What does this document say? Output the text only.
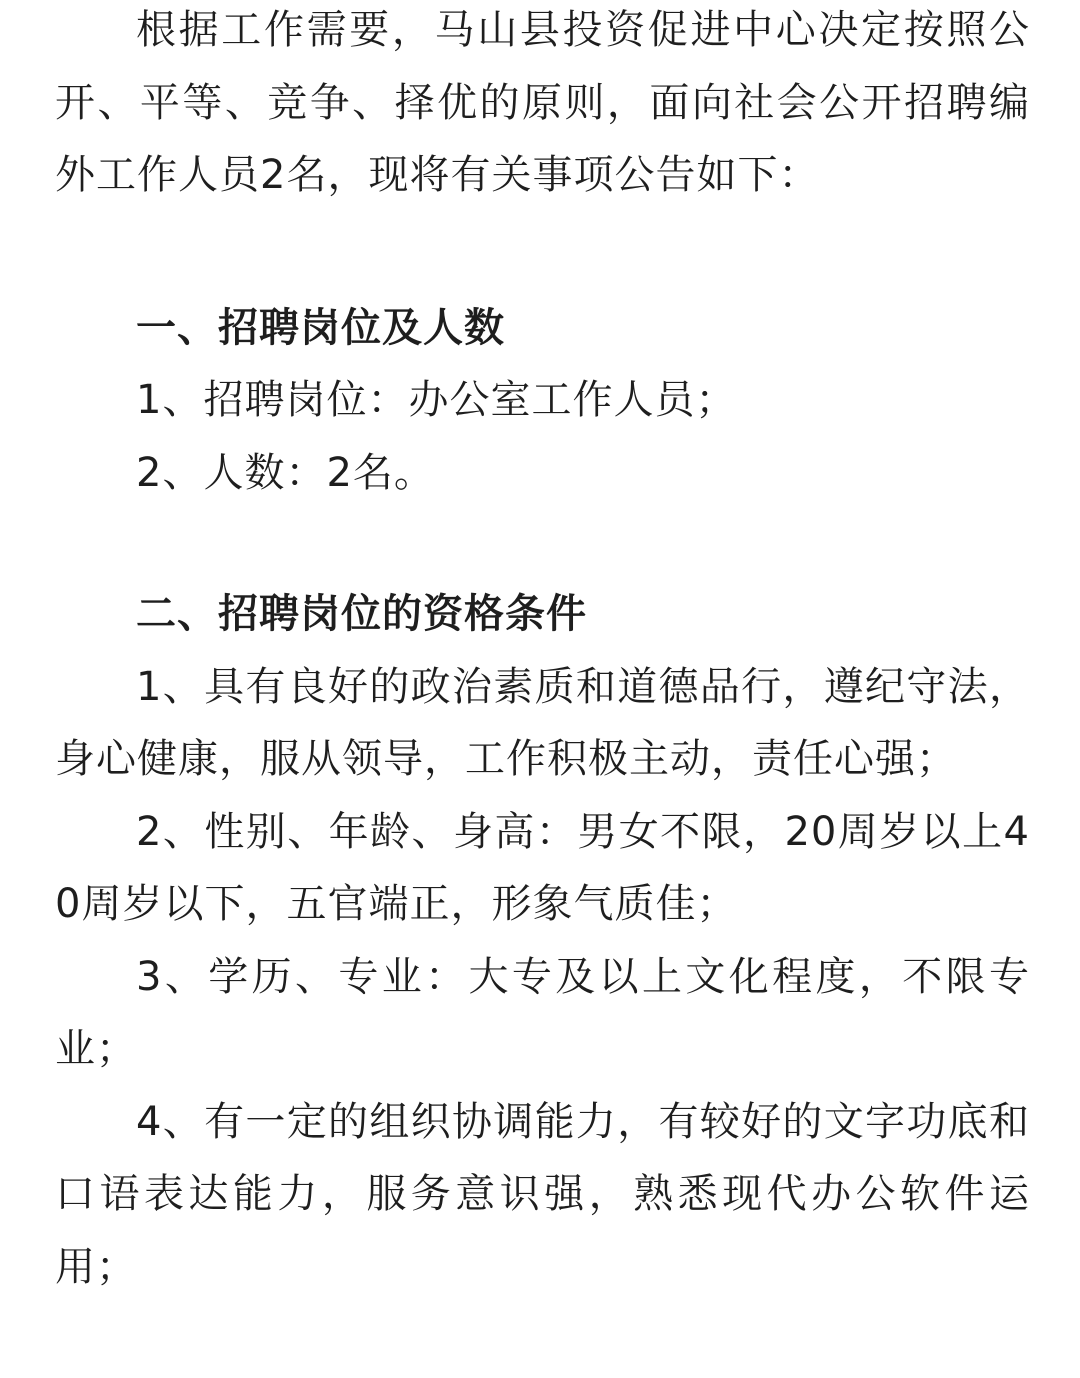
根据工作需要，马山县投资促进中心决定按照公开、平等、竞争、择优的原则，面向社会公开招聘编外工作人员2名，现将有关事项公告如下：

一、招聘岗位及人数

1、招聘岗位：办公室工作人员；

2、人数：2名。

二、招聘岗位的资格条件

1、具有良好的政治素质和道德品行，遵纪守法，身心健康，服从领导，工作积极主动，责任心强；

2、性别、年龄、身高：男女不限，20周岁以上40周岁以下，五官端正，形象气质佳；

3、学历、专业：大专及以上文化程度，不限专业；

4、有一定的组织协调能力，有较好的文字功底和口语表达能力，服务意识强，熟悉现代办公软件运用；
